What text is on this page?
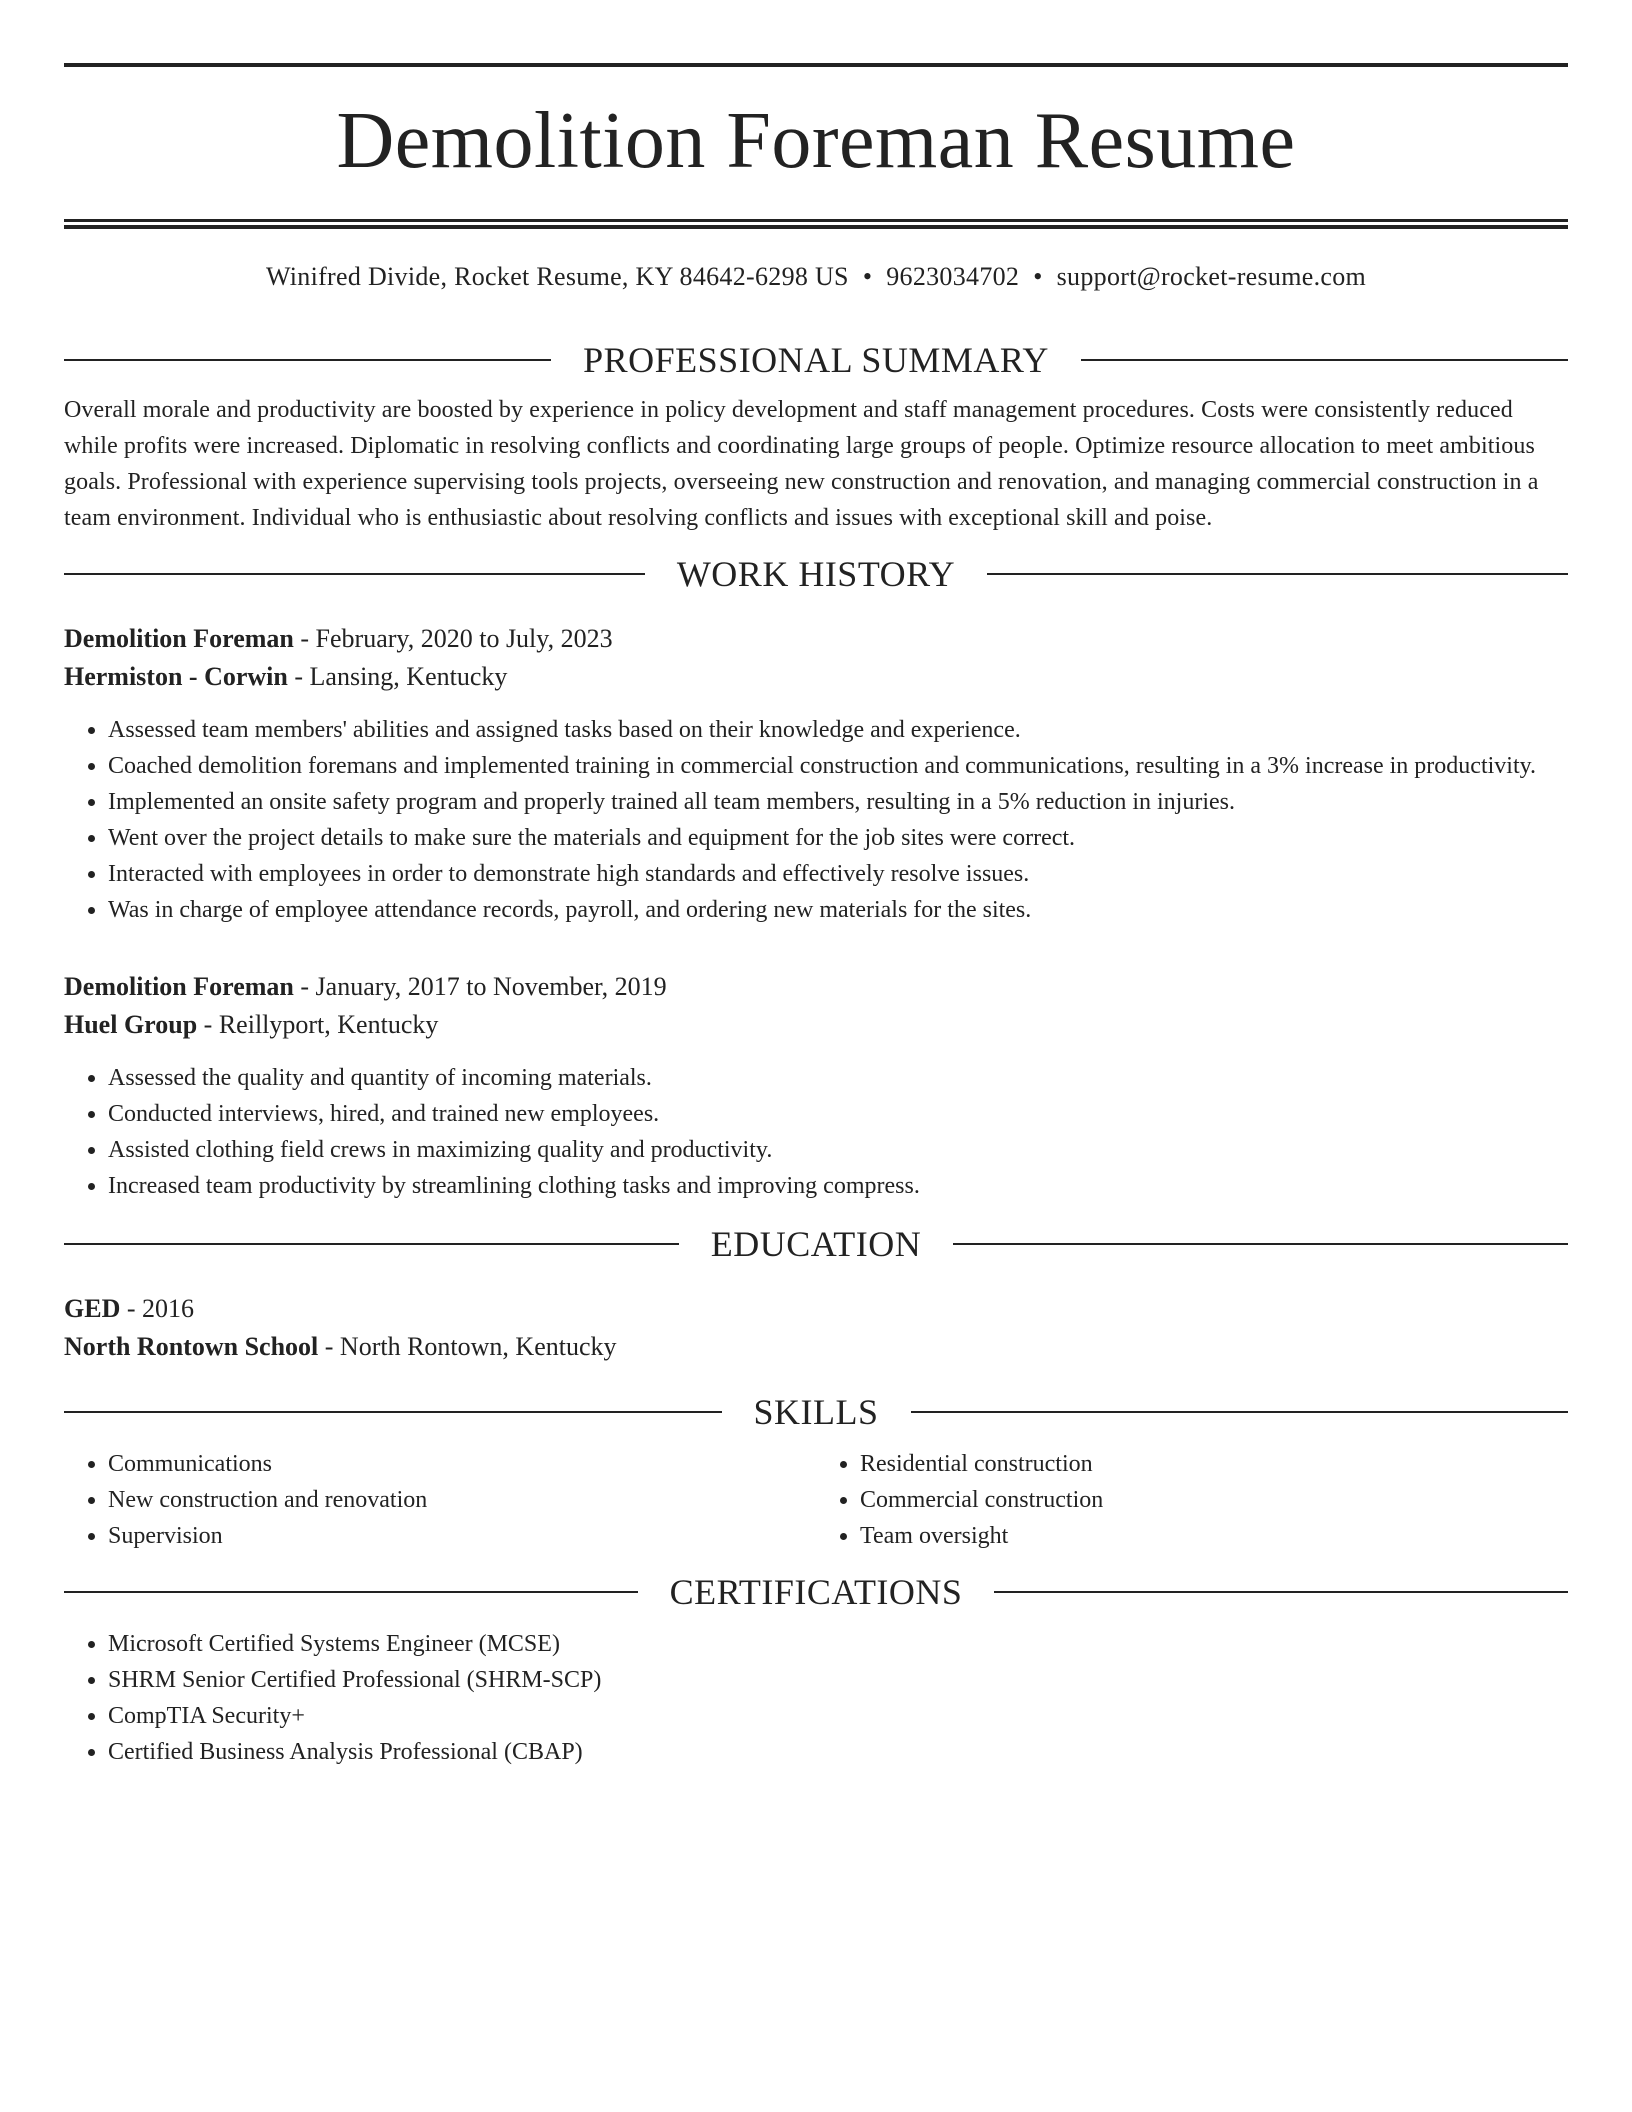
Demolition Foreman Resume
Winifred Divide, Rocket Resume, KY 84642-6298 US • 9623034702 • support@rocket-resume.com
PROFESSIONAL SUMMARY
Overall morale and productivity are boosted by experience in policy development and staff management procedures. Costs were consistently reduced while profits were increased. Diplomatic in resolving conflicts and coordinating large groups of people. Optimize resource allocation to meet ambitious goals. Professional with experience supervising tools projects, overseeing new construction and renovation, and managing commercial construction in a team environment. Individual who is enthusiastic about resolving conflicts and issues with exceptional skill and poise.
WORK HISTORY
Demolition Foreman - February, 2020 to July, 2023
Hermiston - Corwin - Lansing, Kentucky
• Assessed team members' abilities and assigned tasks based on their knowledge and experience.
• Coached demolition foremans and implemented training in commercial construction and communications, resulting in a 3% increase in productivity.
• Implemented an onsite safety program and properly trained all team members, resulting in a 5% reduction in injuries.
• Went over the project details to make sure the materials and equipment for the job sites were correct.
• Interacted with employees in order to demonstrate high standards and effectively resolve issues.
• Was in charge of employee attendance records, payroll, and ordering new materials for the sites.
Demolition Foreman - January, 2017 to November, 2019
Huel Group - Reillyport, Kentucky
• Assessed the quality and quantity of incoming materials.
• Conducted interviews, hired, and trained new employees.
• Assisted clothing field crews in maximizing quality and productivity.
• Increased team productivity by streamlining clothing tasks and improving compress.
EDUCATION
GED - 2016
North Rontown School - North Rontown, Kentucky
SKILLS
• Communications
• New construction and renovation
• Supervision
• Residential construction
• Commercial construction
• Team oversight
CERTIFICATIONS
• Microsoft Certified Systems Engineer (MCSE)
• SHRM Senior Certified Professional (SHRM-SCP)
• CompTIA Security+
• Certified Business Analysis Professional (CBAP)
